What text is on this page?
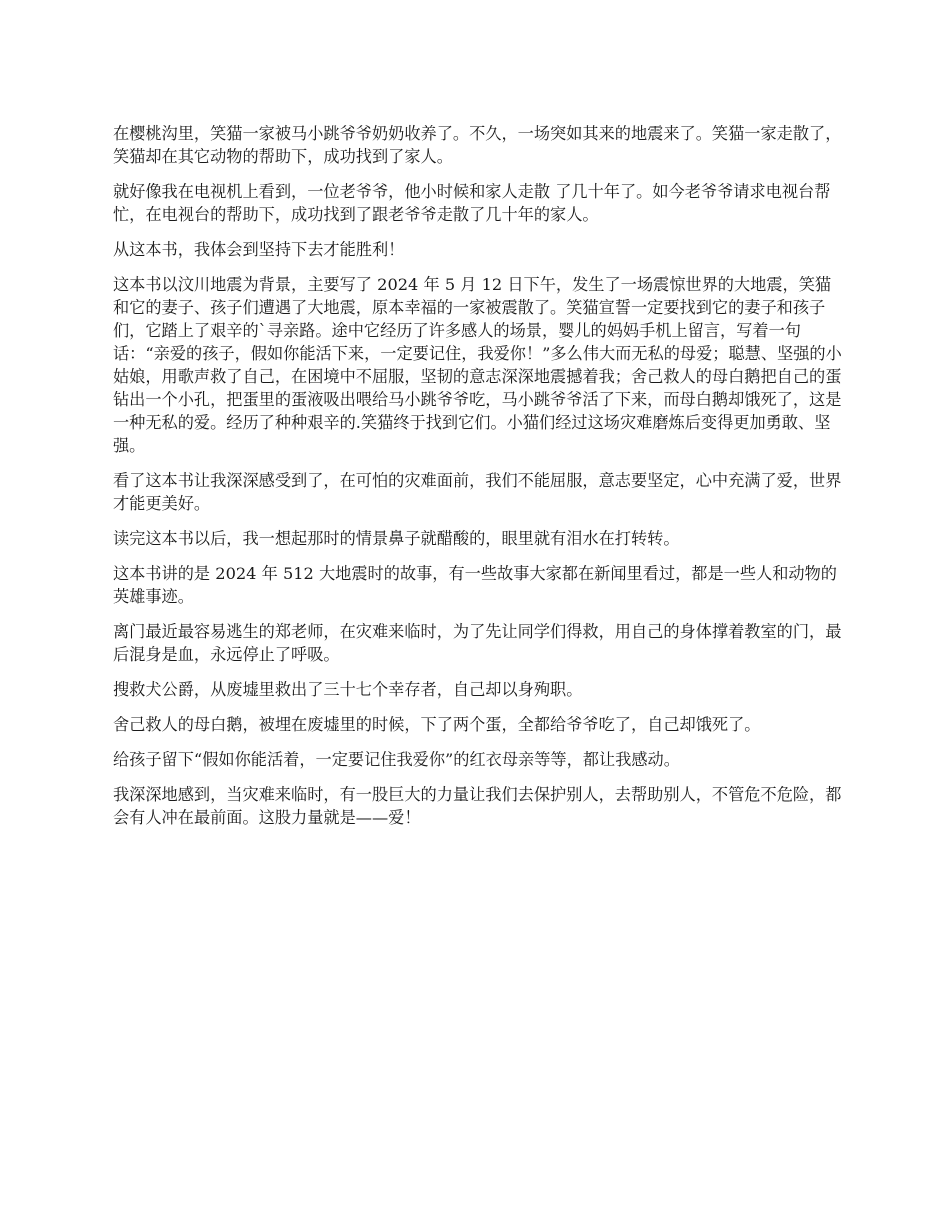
在樱桃沟里，笑猫一家被马小跳爷爷奶奶收养了。不久，一场突如其来的地震来了。笑猫一家走散了，笑猫却在其它动物的帮助下，成功找到了家人。

就好像我在电视机上看到，一位老爷爷，他小时候和家人走散 了几十年了。如今老爷爷请求电视台帮忙，在电视台的帮助下，成功找到了跟老爷爷走散了几十年的家人。

从这本书，我体会到坚持下去才能胜利！

这本书以汶川地震为背景，主要写了 2024 年 5 月 12 日下午，发生了一场震惊世界的大地震，笑猫和它的妻子、孩子们遭遇了大地震，原本幸福的一家被震散了。笑猫宣誓一定要找到它的妻子和孩子们，它踏上了艰辛的`寻亲路。途中它经历了许多感人的场景，婴儿的妈妈手机上留言，写着一句话：“亲爱的孩子，假如你能活下来，一定要记住，我爱你！”多么伟大而无私的母爱；聪慧、坚强的小姑娘，用歌声救了自己，在困境中不屈服，坚韧的意志深深地震撼着我；舍己救人的母白鹅把自己的蛋钻出一个小孔，把蛋里的蛋液吸出喂给马小跳爷爷吃，马小跳爷爷活了下来，而母白鹅却饿死了，这是一种无私的爱。经历了种种艰辛的.笑猫终于找到它们。小猫们经过这场灾难磨炼后变得更加勇敢、坚强。

看了这本书让我深深感受到了，在可怕的灾难面前，我们不能屈服，意志要坚定，心中充满了爱，世界才能更美好。

读完这本书以后，我一想起那时的情景鼻子就醋酸的，眼里就有泪水在打转转。

这本书讲的是 2024 年 512 大地震时的故事，有一些故事大家都在新闻里看过，都是一些人和动物的英雄事迹。

离门最近最容易逃生的郑老师，在灾难来临时，为了先让同学们得救，用自己的身体撑着教室的门，最后混身是血，永远停止了呼吸。

搜救犬公爵，从废墟里救出了三十七个幸存者，自己却以身殉职。

舍己救人的母白鹅，被埋在废墟里的时候，下了两个蛋，全都给爷爷吃了，自己却饿死了。

给孩子留下“假如你能活着，一定要记住我爱你”的红衣母亲等等，都让我感动。

我深深地感到，当灾难来临时，有一股巨大的力量让我们去保护别人，去帮助别人，不管危不危险，都会有人冲在最前面。这股力量就是——爱！
